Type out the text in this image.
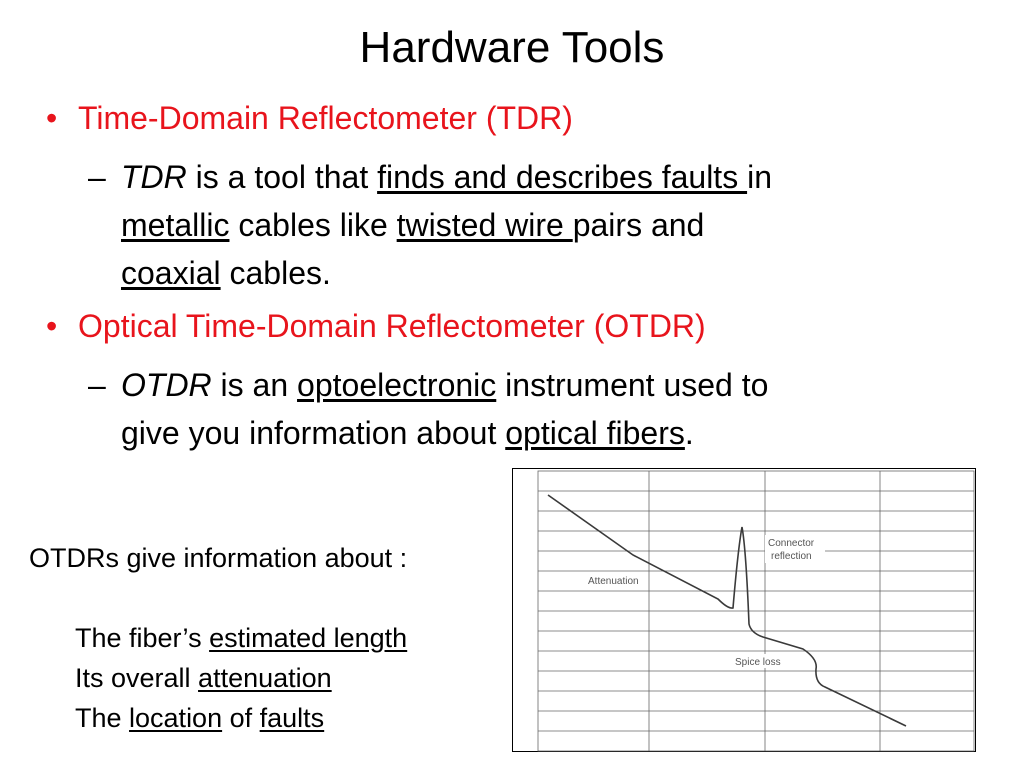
Hardware Tools
• Time-Domain Reflectometer (TDR)
– TDR is a tool that finds and describes faults in
metallic cables like twisted wire pairs and
coaxial cables.
• Optical Time-Domain Reflectometer (OTDR)
– OTDR is an optoelectronic instrument used to
give you information about optical fibers.
OTDRs give information about :
The fiber’s estimated length
Its overall attenuation
The location of faults
Attenuation
Connector
reflection
Spice loss
